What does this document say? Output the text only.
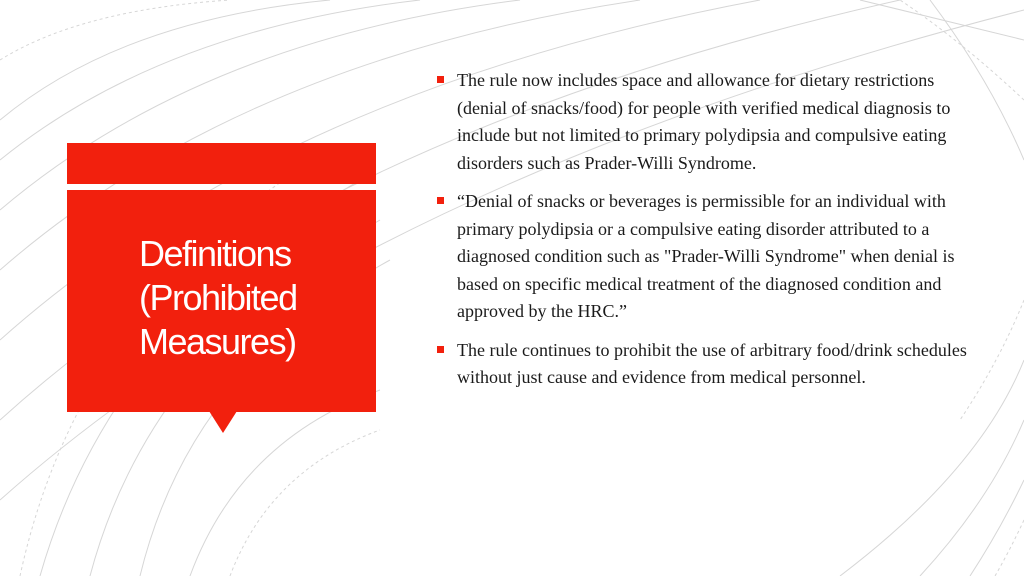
Definitions
(Prohibited
Measures)
The rule now includes space and allowance for dietary restrictions (denial of snacks/food) for people with verified medical diagnosis to include but not limited to primary polydipsia and compulsive eating disorders such as Prader-Willi Syndrome.
“Denial of snacks or beverages is permissible for an individual with primary polydipsia or a compulsive eating disorder attributed to a diagnosed condition such as "Prader-Willi Syndrome" when denial is based on specific medical treatment of the diagnosed condition and approved by the HRC.”
The rule continues to prohibit the use of arbitrary food/drink schedules without just cause and evidence from medical personnel.
